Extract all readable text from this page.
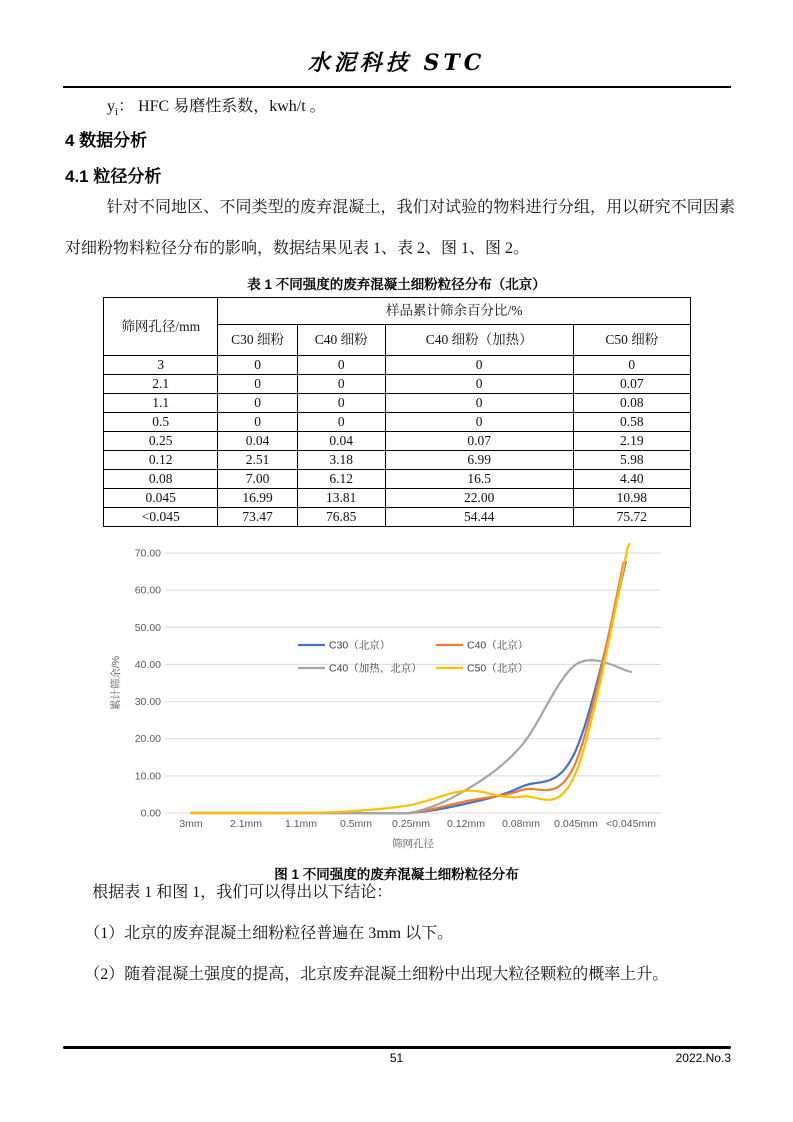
水泥科技 STC
$y_i$： HFC 易磨性系数，kwh/t 。
4 数据分析
4.1 粒径分析

针对不同地区、不同类型的废弃混凝土，我们对试验的物料进行分组，用以研究不同因素对细粉物料粒径分布的影响，数据结果见表 1、表 2、图 1、图 2。

表 1 不同强度的废弃混凝土细粉粒径分布（北京）
筛网孔径/mm	样品累计筛余百分比/%			
	C30 细粉	C40 细粉	C40 细粉（加热）	C50 细粉
3	0	0	0	0
2.1	0	0	0	0.07
1.1	0	0	0	0.08
0.5	0	0	0	0.58
0.25	0.04	0.04	0.07	2.19
0.12	2.51	3.18	6.99	5.98
0.08	7.00	6.12	16.5	4.40
0.045	16.99	13.81	22.00	10.98
<0.045	73.47	76.85	54.44	75.72
0.00
10.00
20.00
30.00
40.00
50.00
60.00
70.00
3mm	2.1mm 1.1mm 0.5mm 0.25mm 0.12mm 0.08mm 0.045mm <0.045mm
累计筛余/%
筛网孔径
C30（北京）	C40（北京）
C40（加热、北京）	C50（北京）
图 1 不同强度的废弃混凝土细粉粒径分布

根据表 1 和图 1，我们可以得出以下结论：

（1）北京的废弃混凝土细粉粒径普遍在 3mm 以下。

（2）随着混凝土强度的提高，北京废弃混凝土细粉中出现大粒径颗粒的概率上升。

51	2022.No.3
